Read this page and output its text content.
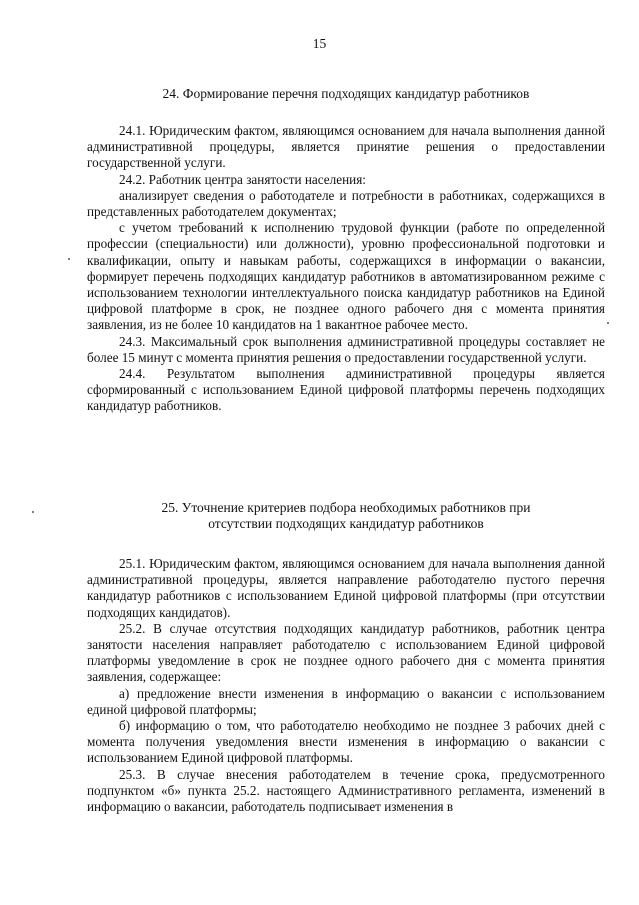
15
24. Формирование перечня подходящих кандидатур работников

24.1. Юридическим фактом, являющимся основанием для начала выполнения данной административной процедуры, является принятие решения о предоставлении государственной услуги.

24.2. Работник центра занятости населения:

анализирует сведения о работодателе и потребности в работниках, содержащихся в представленных работодателем документах;

с учетом требований к исполнению трудовой функции (работе по определенной профессии (специальности) или должности), уровню профессиональной подготовки и квалификации, опыту и навыкам работы, содержащихся в информации о вакансии, формирует перечень подходящих кандидатур работников в автоматизированном режиме с использованием технологии интеллектуального поиска кандидатур работников на Единой цифровой платформе в срок, не позднее одного рабочего дня с момента принятия заявления, из не более 10 кандидатов на 1 вакантное рабочее место.

24.3. Максимальный срок выполнения административной процедуры составляет не более 15 минут с момента принятия решения о предоставлении государственной услуги.

24.4. Результатом выполнения административной процедуры является сформированный с использованием Единой цифровой платформы перечень подходящих кандидатур работников.

25. Уточнение критериев подбора необходимых работников при
отсутствии подходящих кандидатур работников

25.1. Юридическим фактом, являющимся основанием для начала выполнения данной административной процедуры, является направление работодателю пустого перечня кандидатур работников с использованием Единой цифровой платформы (при отсутствии подходящих кандидатов).

25.2. В случае отсутствия подходящих кандидатур работников, работник центра занятости населения направляет работодателю с использованием Единой цифровой платформы уведомление в срок не позднее одного рабочего дня с момента принятия заявления, содержащее:

а) предложение внести изменения в информацию о вакансии с использованием единой цифровой платформы;

б) информацию о том, что работодателю необходимо не позднее 3 рабочих дней с момента получения уведомления внести изменения в информацию о вакансии с использованием Единой цифровой платформы.

25.3. В случае внесения работодателем в течение срока, предусмотренного подпунктом «б» пункта 25.2. настоящего Административного регламента, изменений в информацию о вакансии, работодатель подписывает изменения в
